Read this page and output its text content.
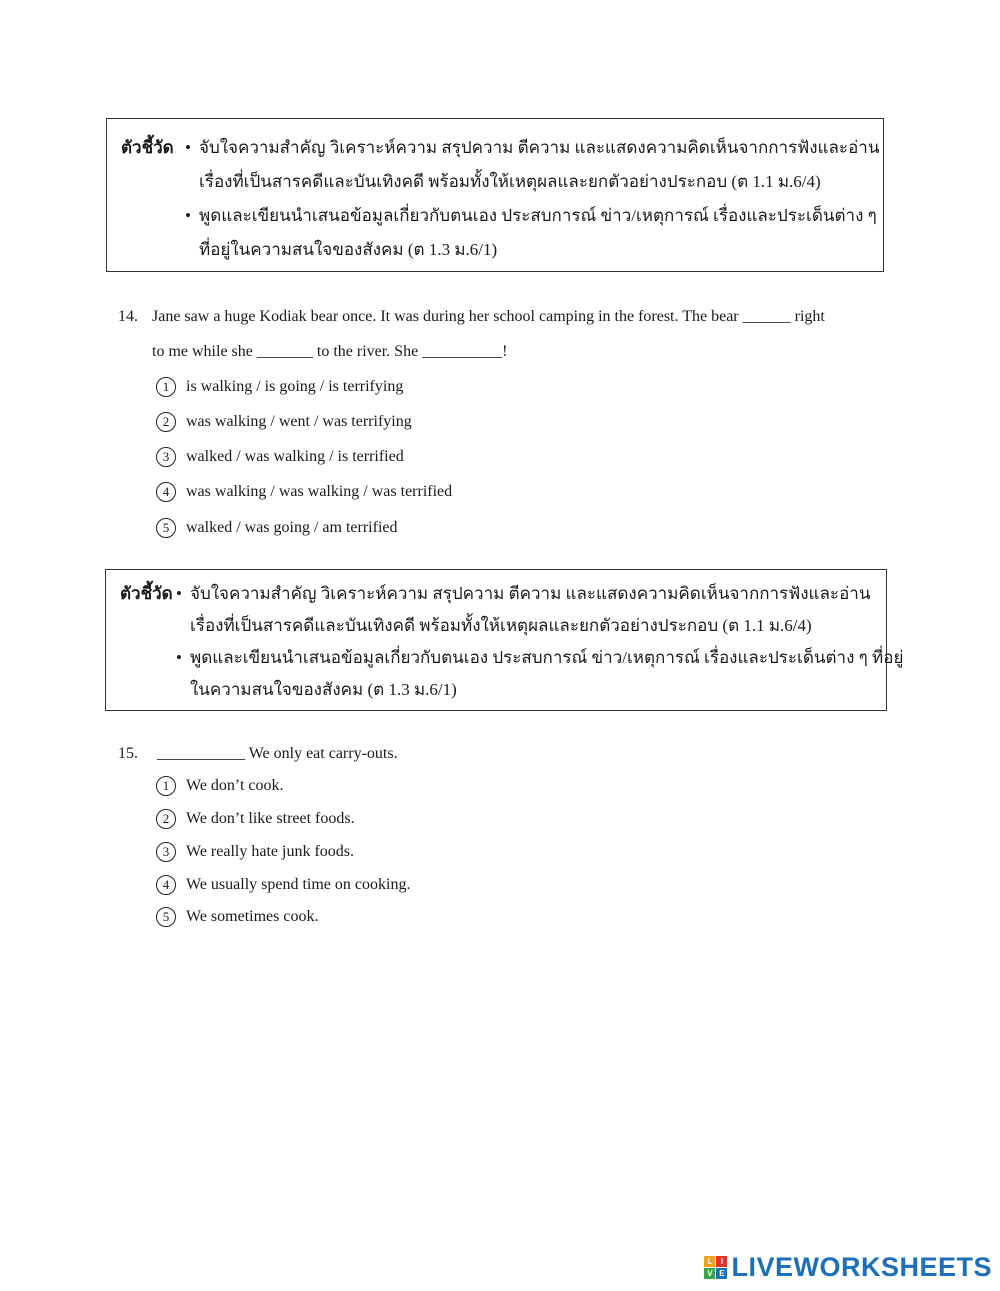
ตัวชี้วัด • จับใจความสำคัญ วิเคราะห์ความ สรุปความ ตีความ และแสดงความคิดเห็นจากการฟังและอ่าน
เรื่องที่เป็นสารคดีและบันเทิงคดี พร้อมทั้งให้เหตุผลและยกตัวอย่างประกอบ (ต 1.1 ม.6/4)
• พูดและเขียนนำเสนอข้อมูลเกี่ยวกับตนเอง ประสบการณ์ ข่าว/เหตุการณ์ เรื่องและประเด็นต่าง ๆ
ที่อยู่ในความสนใจของสังคม (ต 1.3 ม.6/1)
14. Jane saw a huge Kodiak bear once. It was during her school camping in the forest. The bear ______ right
to me while she _______ to the river. She __________!
1	is walking / is going / is terrifying
2	was walking / went / was terrifying
3	walked / was walking / is terrified
4	was walking / was walking / was terrified
5	walked / was going / am terrified
ตัวชี้วัด • จับใจความสำคัญ วิเคราะห์ความ สรุปความ ตีความ และแสดงความคิดเห็นจากการฟังและอ่าน
เรื่องที่เป็นสารคดีและบันเทิงคดี พร้อมทั้งให้เหตุผลและยกตัวอย่างประกอบ (ต 1.1 ม.6/4)
• พูดและเขียนนำเสนอข้อมูลเกี่ยวกับตนเอง ประสบการณ์ ข่าว/เหตุการณ์ เรื่องและประเด็นต่าง ๆ ที่อยู่
ในความสนใจของสังคม (ต 1.3 ม.6/1)
15. ___________ We only eat carry-outs.
1	We don’t cook.
2	We don’t like street foods.
3	We really hate junk foods.
4	We usually spend time on cooking.
5	We sometimes cook.
L	I
V E LIVEWORKSHEETS
